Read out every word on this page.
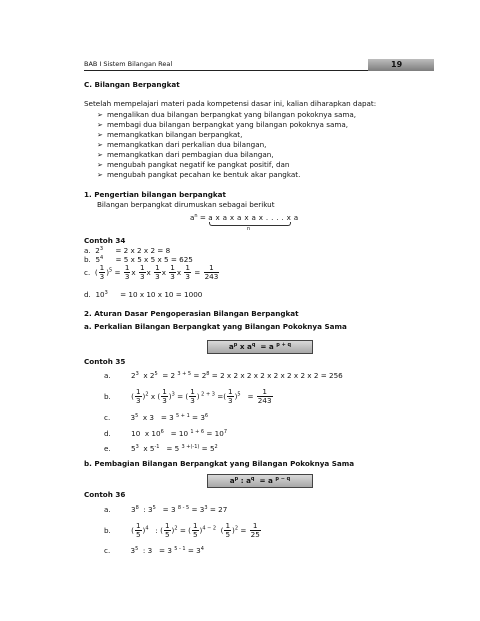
BAB I Sistem Bilangan Real	19
C. Bilangan Berpangkat
Setelah mempelajari materi pada kompetensi dasar ini, kalian diharapkan dapat:
➢ mengalikan dua bilangan berpangkat yang bilangan pokoknya sama,
➢ membagi dua bilangan berpangkat yang bilangan pokoknya sama,
➢ memangkatkan bilangan berpangkat,
➢ memangkatkan dari perkalian dua bilangan,
➢ memangkatkan dari pembagian dua bilangan,
➢ mengubah pangkat negatif ke pangkat positif, dan
➢ mengubah pangkat pecahan ke bentuk akar pangkat.
1. Pengertian bilangan berpangkat
Bilangan berpangkat dirumuskan sebagai berikut
$a^n = a$ x a x a x a x . . . . x a
n
Contoh 34
a. $2^3 = 2$ x 2 x 2 = 8
b. $5^4 = 5$ x 5 x 5 x 5 = 625
c. ( $\frac{1}{3} )^5 = \frac{1}{3}$ x $\frac{1}{3}$ x $\frac{1}{3}$ x $\frac{1}{3}$ x $\frac{1}{3} = \frac{1}{243}$
d. $10^3 = 10$ x 10 x 10 = 1000
2. Aturan Dasar Pengoperasian Bilangan Berpangkat
a. Perkalian Bilangan Berpangkat yang Bilangan Pokoknya Sama
$a^p$ x $a^q = a$ $^{p + q}$
Contoh 35
a.	$2^3$  x $2^5 = 2$ $^{3 + 5} = 2^8 = 2$ x 2 x 2 x 2 x 2 x 2 x 2 x 2 = 256
b.	( $\frac{1}{3} )^2$ x ( $\frac{1}{3} )^3$ = ( $\frac{1}{3}$ ) $^{2 + 3}$ =( $\frac{1}{3} )^5 = \frac{1}{243}$
c.	$3^5$  x 3   = 3 $^{5 + 1} = 3^6$
d.	10  x $10^6 = 10$ $^{1 + 6} = 10^7$
e.	$5^3$  x $5^{-1} = 5$ $^{3 +(-1)} = 5^2$
b. Pembagian Bilangan Berpangkat yang Bilangan Pokoknya Sama
$a^p$ : $a^q = a$ $^{p - q}$
Contoh 36
a.	$3^8$  : $3^5 = 3$ $^{8 - 5} = 3^3 = 27$
b.	( $\frac{1}{5} )^4$   : ( $\frac{1}{5} )^2$ = ( $\frac{1}{5} )^{4 - 2}$  ( $\frac{1}{5} )^2 = \frac{1}{25}$
c.	$3^5$  : 3   = 3 $^{5 - 1} = 3^4$
